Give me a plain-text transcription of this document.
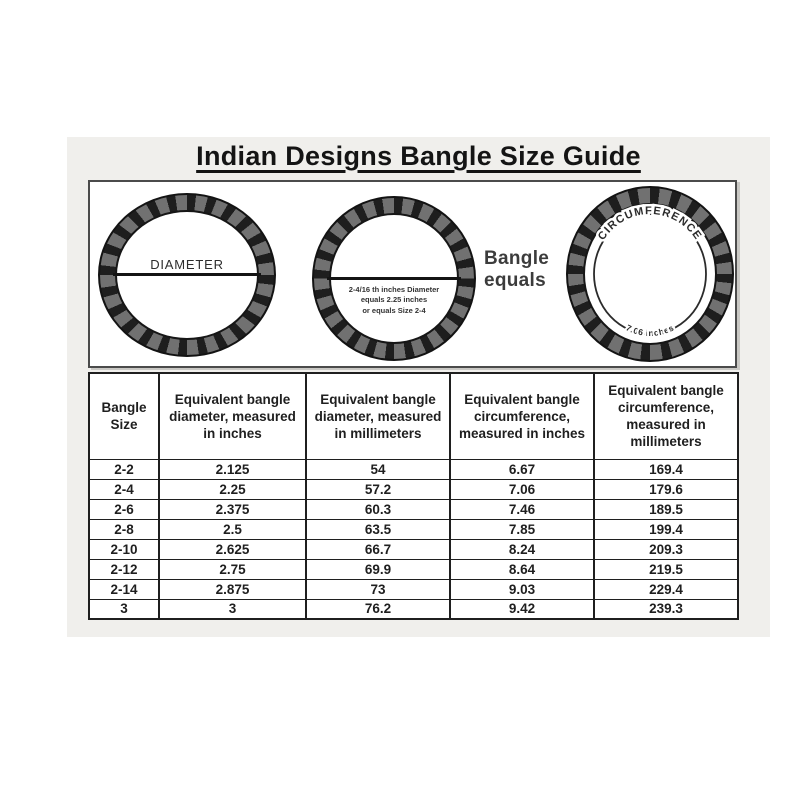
Indian Designs Bangle Size Guide
DIAMETER
2-4/16 th inches Diameter
equals 2.25 inches
or equals Size 2-4
Bangle equals
CIRCUMFERENCE
7.06 inches
Bangle Size	Equivalent bangle diameter, measured in inches	Equivalent bangle diameter, measured in millimeters	Equivalent bangle circumference, measured in inches	Equivalent bangle circumference, measured in millimeters
2-2	2.125	54	6.67	169.4
2-4	2.25	57.2	7.06	179.6
2-6	2.375	60.3	7.46	189.5
2-8	2.5	63.5	7.85	199.4
2-10	2.625	66.7	8.24	209.3
2-12	2.75	69.9	8.64	219.5
2-14	2.875	73	9.03	229.4
3	3	76.2	9.42	239.3
